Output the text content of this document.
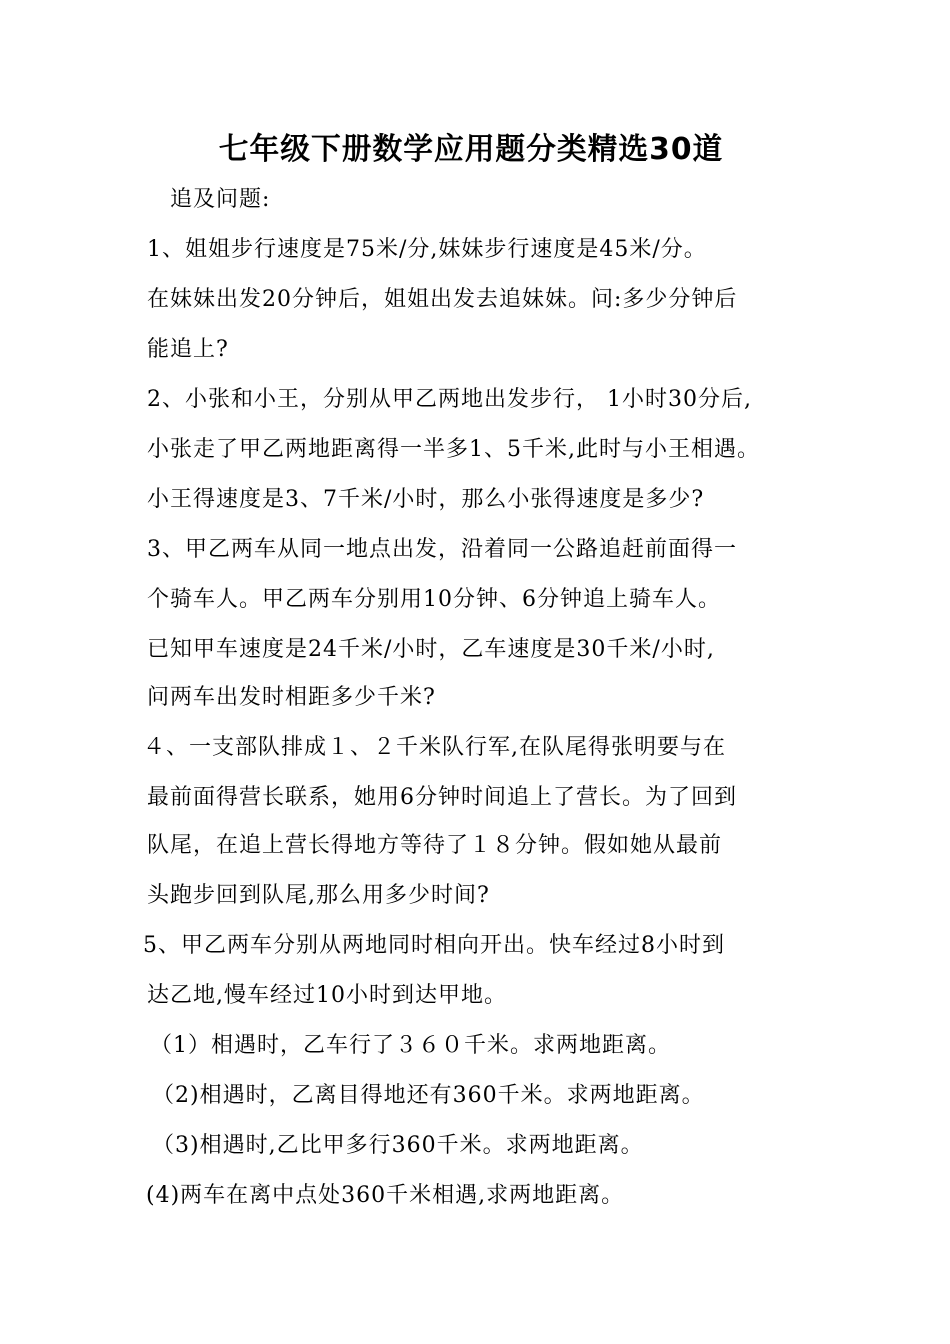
七年级下册数学应用题分类精选30道
追及问题:
1、姐姐步行速度是75米/分,妹妹步行速度是45米/分。
在妹妹出发20分钟后，姐姐出发去追妹妹。问:多少分钟后
能追上?
2、小张和小王，分别从甲乙两地出发步行， 1小时30分后,
小张走了甲乙两地距离得一半多1、5千米,此时与小王相遇。
小王得速度是3、7千米/小时，那么小张得速度是多少?
3、甲乙两车从同一地点出发，沿着同一公路追赶前面得一
个骑车人。甲乙两车分别用10分钟、6分钟追上骑车人。
已知甲车速度是24千米/小时，乙车速度是30千米/小时,
问两车出发时相距多少千米?
４、一支部队排成１、２千米队行军,在队尾得张明要与在
最前面得营长联系，她用6分钟时间追上了营长。为了回到
队尾，在追上营长得地方等待了１８分钟。假如她从最前
头跑步回到队尾,那么用多少时间?
5、甲乙两车分别从两地同时相向开出。快车经过8小时到
达乙地,慢车经过10小时到达甲地。
（1）相遇时，乙车行了３６０千米。求两地距离。
（2)相遇时，乙离目得地还有360千米。求两地距离。
（3)相遇时,乙比甲多行360千米。求两地距离。
(4)两车在离中点处360千米相遇,求两地距离。
